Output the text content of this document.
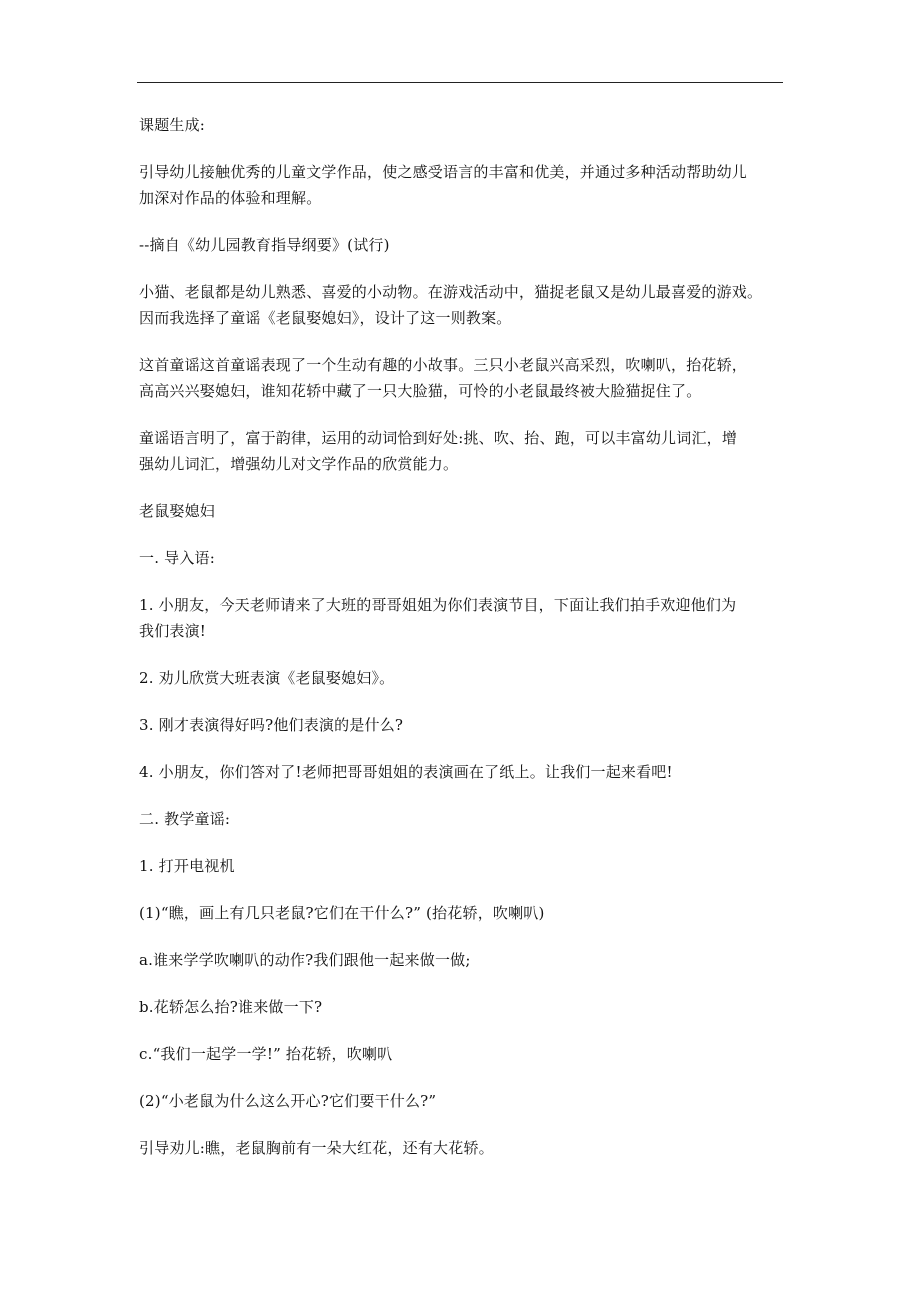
课题生成:

引导幼儿接触优秀的儿童文学作品，使之感受语言的丰富和优美，并通过多种活动帮助幼儿
加深对作品的体验和理解。

--摘自《幼儿园教育指导纲要》(试行)

小猫、老鼠都是幼儿熟悉、喜爱的小动物。在游戏活动中，猫捉老鼠又是幼儿最喜爱的游戏。
因而我选择了童谣《老鼠娶媳妇》，设计了这一则教案。

这首童谣这首童谣表现了一个生动有趣的小故事。三只小老鼠兴高采烈，吹喇叭，抬花轿，
高高兴兴娶媳妇，谁知花轿中藏了一只大脸猫，可怜的小老鼠最终被大脸猫捉住了。

童谣语言明了，富于韵律，运用的动词恰到好处:挑、吹、抬、跑，可以丰富幼儿词汇，增
强幼儿词汇，增强幼儿对文学作品的欣赏能力。

老鼠娶媳妇

一. 导入语:

1. 小朋友，今天老师请来了大班的哥哥姐姐为你们表演节目，下面让我们拍手欢迎他们为
我们表演!

2. 劝儿欣赏大班表演《老鼠娶媳妇》。

3. 刚才表演得好吗?他们表演的是什么?

4. 小朋友，你们答对了!老师把哥哥姐姐的表演画在了纸上。让我们一起来看吧!

二. 教学童谣:

1. 打开电视机

(1)“瞧，画上有几只老鼠?它们在干什么?” (抬花轿，吹喇叭)

a.谁来学学吹喇叭的动作?我们跟他一起来做一做;

b.花轿怎么抬?谁来做一下?

c.“我们一起学一学!” 抬花轿，吹喇叭

(2)“小老鼠为什么这么开心?它们要干什么?”

引导劝儿:瞧，老鼠胸前有一朵大红花，还有大花轿。
